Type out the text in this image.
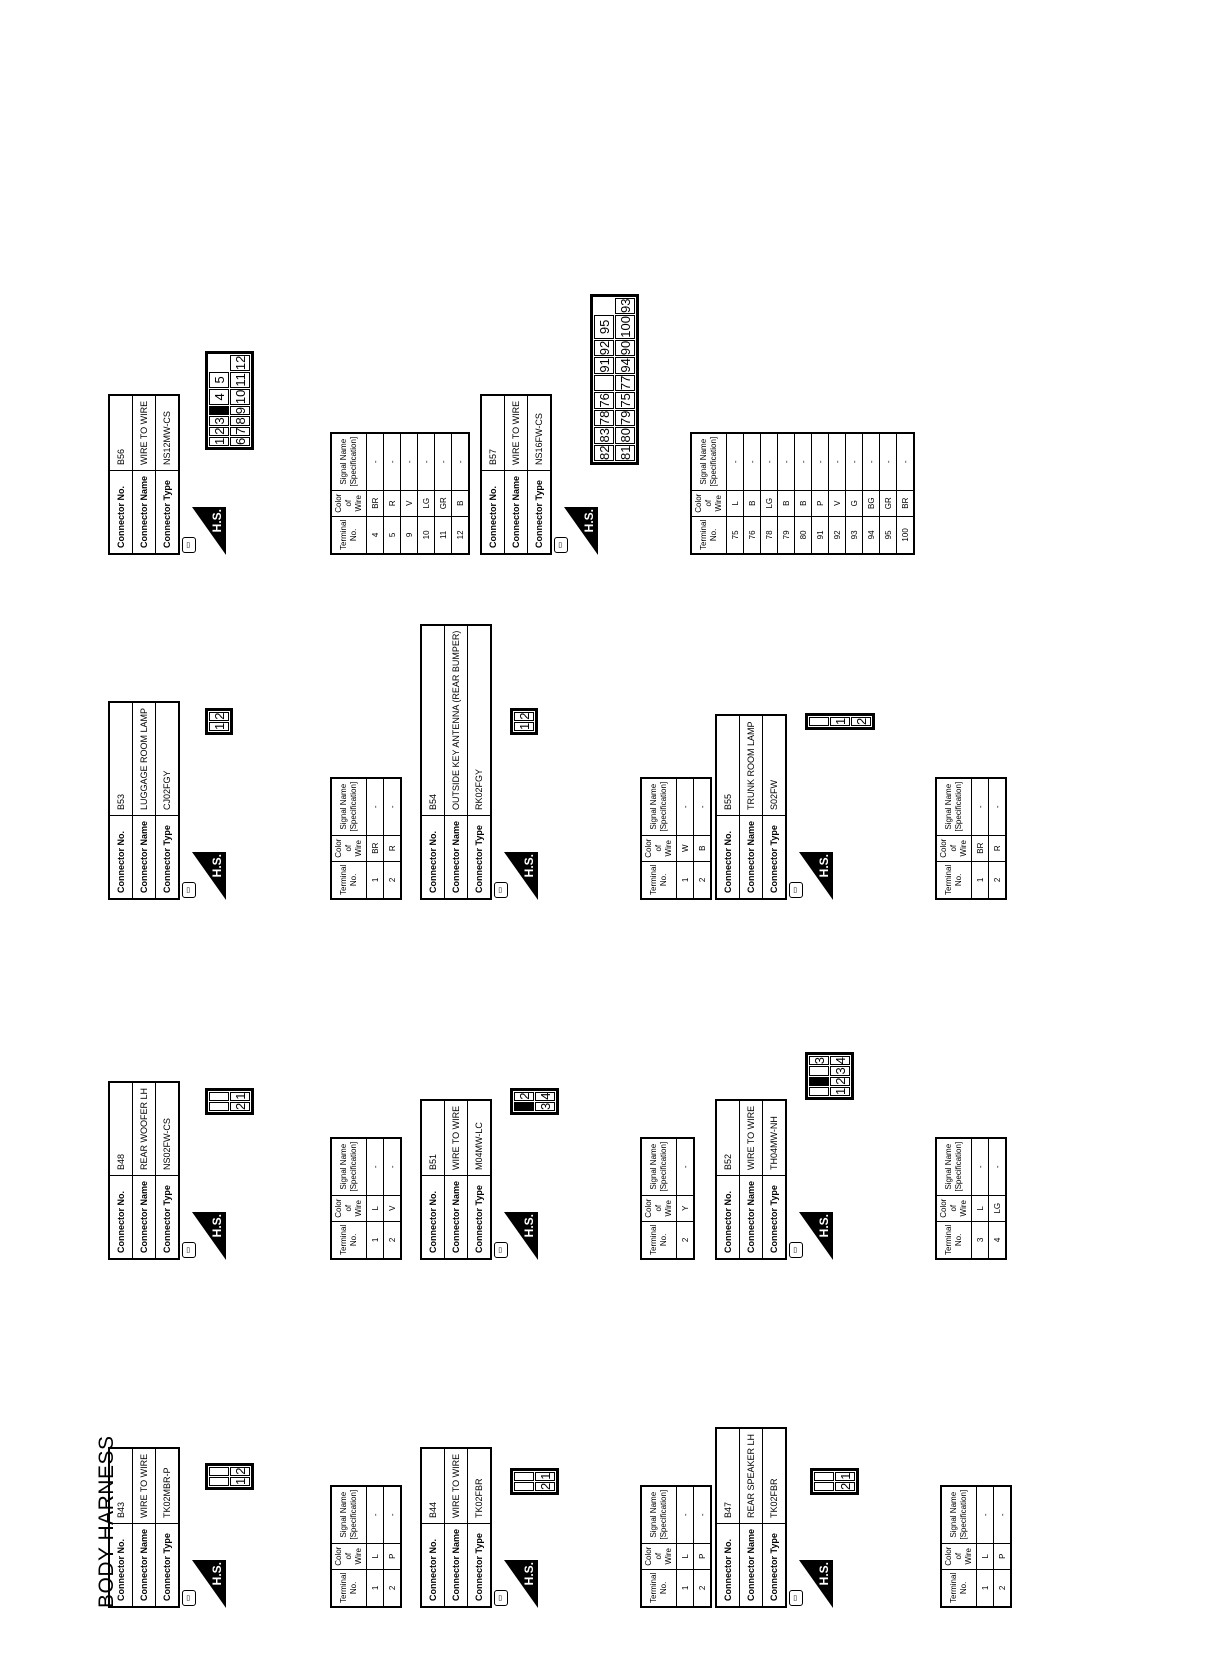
BODY HARNESS
Connector No.	B43
Connector Name	WIRE TO WIRE
Connector Type	TK02MBR-P
▭
H.S.

1	2
Terminal No.	Color of Wire	Signal Name [Specification]
1	L	-
2	P	-
Connector No.	B44
Connector Name	WIRE TO WIRE
Connector Type	TK02FBR
▭
H.S.

2	1
Terminal No.	Color of Wire	Signal Name [Specification]
1	L	-
2	P	-
Connector No.	B47
Connector Name	REAR SPEAKER LH
Connector Type	TK02FBR
▭
H.S.

2	1
Terminal No.	Color of Wire	Signal Name [Specification]
1	L	-
2	P	-
Connector No.	B48
Connector Name	REAR WOOFER LH
Connector Type	NS02FW-CS
▭
H.S.

2	1
Terminal No.	Color of Wire	Signal Name [Specification]
1	L	-
2	V	-
Connector No.	B51
Connector Name	WIRE TO WIRE
Connector Type	M04MW-LC
▭
H.S.
	2
3	4
Terminal No.	Color of Wire	Signal Name [Specification]
2	Y	-
Connector No.	B52
Connector Name	WIRE TO WIRE
Connector Type	TH04MW-NH
▭
H.S.
			3
1	2	3	4
Terminal No.	Color of Wire	Signal Name [Specification]
3	L	-
4	LG	-
Connector No.	B53
Connector Name	LUGGAGE ROOM LAMP
Connector Type	CJ02FGY
▭
H.S.
1	2
Terminal No.	Color of Wire	Signal Name [Specification]
1	BR	-
2	R	-
Connector No.	B54
Connector Name	OUTSIDE KEY ANTENNA (REAR BUMPER)
Connector Type	RK02FGY
▭
H.S.
1	2
Terminal No.	Color of Wire	Signal Name [Specification]
1	W	-
2	B	-
Connector No.	B55
Connector Name	TRUNK ROOM LAMP
Connector Type	S02FW
▭
H.S.

1
2
Terminal No.	Color of Wire	Signal Name [Specification]
1	BR	-
2	R	-
Connector No.	B56
Connector Name	WIRE TO WIRE
Connector Type	NS12MW-CS
▭
H.S.
1	2	3		4	5	
6	7	8	9	10	11	12
Terminal No.	Color of Wire	Signal Name [Specification]
4	BR	-
5	R	-
9	V	-
10	LG	-
11	GR	-
12	B	-
Connector No.	B57
Connector Name	WIRE TO WIRE
Connector Type	NS16FW-CS
▭
H.S.
82	83	78	76		91	92	95	
81	80	79	75	77	94	90	100	93
Terminal No.	Color of Wire	Signal Name [Specification]
75	L	-
76	B	-
78	LG	-
79	B	-
80	B	-
91	P	-
92	V	-
93	G	-
94	BG	-
95	GR	-
100	BR	-
